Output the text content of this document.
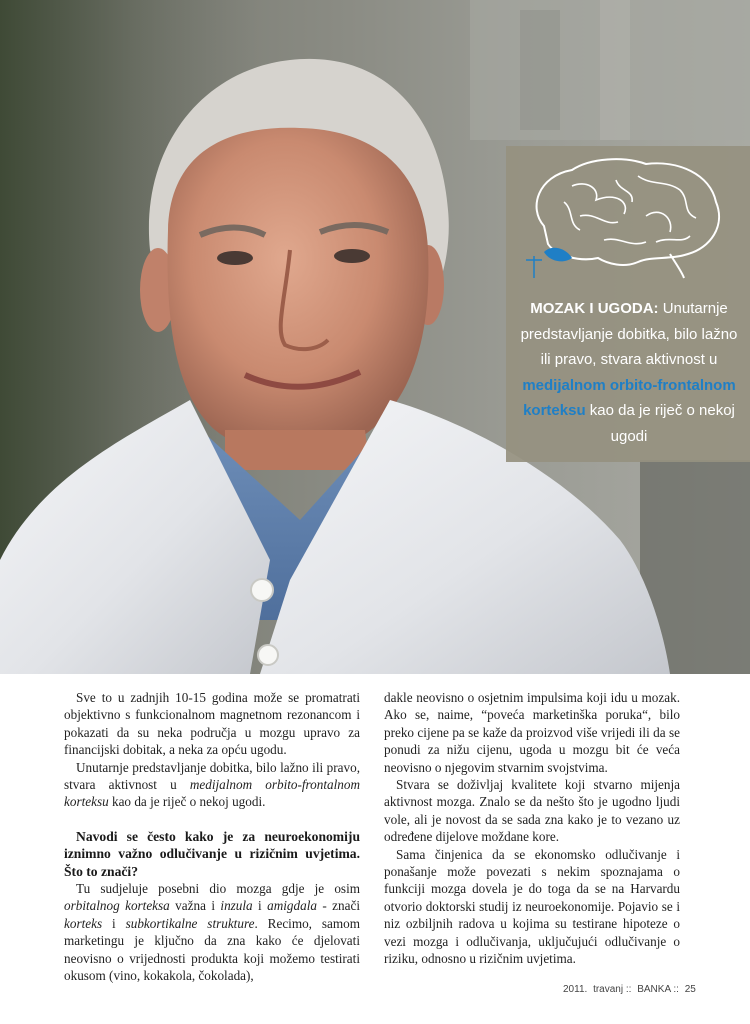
MOZAK I UGODA: Unutarnje predstavljanje dobitka, bilo lažno ili pravo, stvara aktivnost u medijalnom orbito-frontalnom korteksu kao da je riječ o nekoj ugodi

Sve to u zadnjih 10-15 godina može se promatrati objektivno s funkcionalnom magnetnom rezonancom i pokazati da su neka područja u mozgu upravo za financijski dobitak, a neka za opću ugodu.

Unutarnje predstavljanje dobitka, bilo lažno ili pravo, stvara aktivnost u medijalnom orbito-frontalnom korteksu kao da je riječ o nekoj ugodi.

Navodi se često kako je za neuroekonomiju iznimno važno odlučivanje u rizičnim uvjetima. Što to znači?

Tu sudjeluje posebni dio mozga gdje je osim orbitalnog korteksa važna i inzula i amigdala - znači korteks i subkortikalne strukture. Recimo, samom marketingu je ključno da zna kako će djelovati neovisno o vrijednosti produkta koji možemo testirati okusom (vino, kokakola, čokolada),

dakle neovisno o osjetnim impulsima koji idu u mozak. Ako se, naime, “poveća marketinška poruka“, bilo preko cijene pa se kaže da proizvod više vrijedi ili da se ponudi za nižu cijenu, ugoda u mozgu bit će veća neovisno o njegovim stvarnim svojstvima.

Stvara se doživljaj kvalitete koji stvarno mijenja aktivnost mozga. Znalo se da nešto što je ugodno ljudi vole, ali je novost da se sada zna kako je to vezano uz određene dijelove moždane kore.

Sama činjenica da se ekonomsko odlučivanje i ponašanje može povezati s nekim spoznajama o funkciji mozga dovela je do toga da se na Harvardu otvorio doktorski studij iz neuroekonomije. Pojavio se i niz ozbiljnih radova u kojima su testirane hipoteze o vezi mozga i odlučivanja, uključujući odlučivanje o riziku, odnosno u rizičnim uvjetima.

2011. travanj :: BANKA :: 25
